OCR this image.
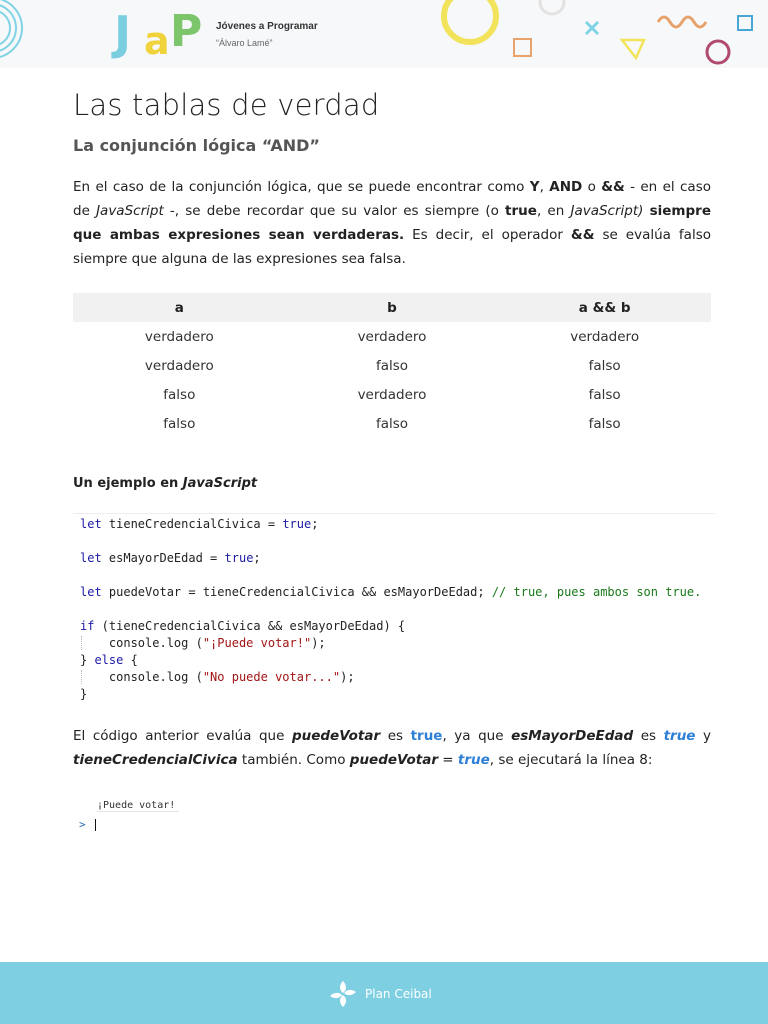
J a P Jóvenes a Programar
“Álvaro Lamé”
Las tablas de verdad
La conjunción lógica “AND”

En el caso de la conjunción lógica, que se puede encontrar como Y, AND o && - en el caso de JavaScript -, se debe recordar que su valor es siempre (o true, en JavaScript) siempre que ambas expresiones sean verdaderas. Es decir, el operador && se evalúa falso siempre que alguna de las expresiones sea falsa.

a	b	a && b
verdadero	verdadero	verdadero
verdadero	falso	falso
falso	verdadero	falso
falso	falso	falso
Un ejemplo en JavaScript
let tieneCredencialCivica = true;
let esMayorDeEdad = true;
let puedeVotar = tieneCredencialCivica && esMayorDeEdad; // true, pues ambos son true.
if (tieneCredencialCivica && esMayorDeEdad) {
console.log ("¡Puede votar!");
} else {
console.log ("No puede votar...");
}

El código anterior evalúa que puedeVotar es true, ya que esMayorDeEdad es true y tieneCredencialCivica también. Como puedeVotar = true, se ejecutará la línea 8:

¡Puede votar!
>
Plan Ceibal
